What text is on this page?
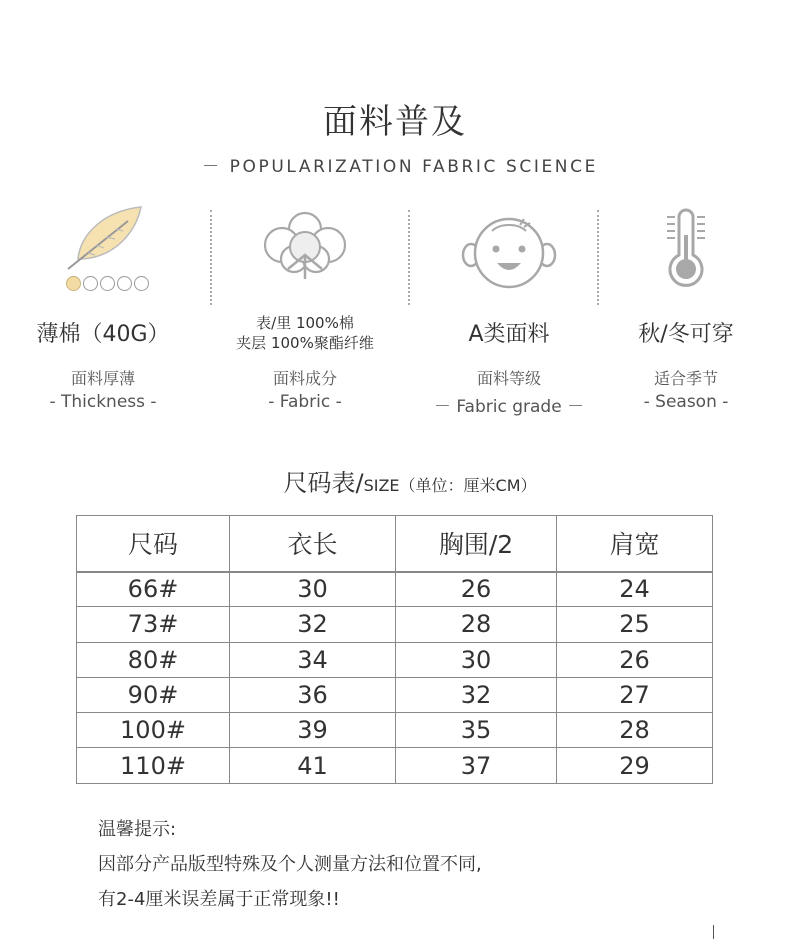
面料普及
－ POPULARIZATION FABRIC SCIENCE
薄棉（40G）
面料厚薄
- Thickness -
表/里 100%棉
夹层 100%聚酯纤维
面料成分
- Fabric -
A类面料
面料等级
－ Fabric grade －
秋/冬可穿
适合季节
- Season -
尺码表/SIZE（单位：厘米CM）
尺码	衣长	胸围/2	肩宽
66#	30	26	24
73#	32	28	25
80#	34	30	26
90#	36	32	27
100#	39	35	28
110#	41	37	29
温馨提示:
因部分产品版型特殊及个人测量方法和位置不同,
有2-4厘米误差属于正常现象!!
